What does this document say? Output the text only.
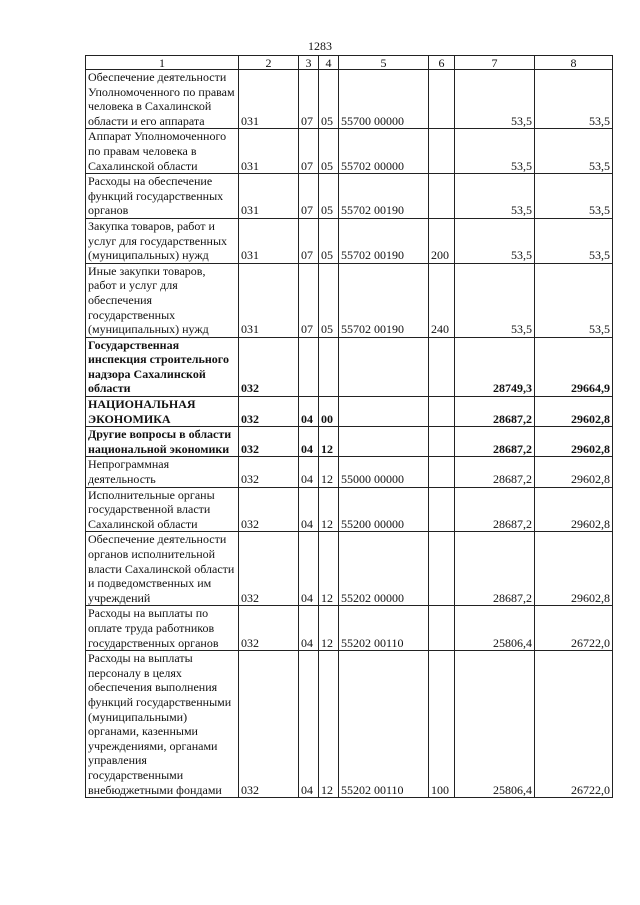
1283
1	2	3	4	5	6	7	8
Обеспечение деятельности Уполномоченного по правам человека в Сахалинской области и его аппарата	031	07	05	55700 00000		53,5	53,5
Аппарат Уполномоченного по правам человека в Сахалинской области	031	07	05	55702 00000		53,5	53,5
Расходы на обеспечение функций государственных органов	031	07	05	55702 00190		53,5	53,5
Закупка товаров, работ и услуг для государственных (муниципальных) нужд	031	07	05	55702 00190	200	53,5	53,5
Иные закупки товаров, работ и услуг для обеспечения государственных (муниципальных) нужд	031	07	05	55702 00190	240	53,5	53,5
Государственная инспекция строительного надзора Сахалинской области	032					28749,3	29664,9
НАЦИОНАЛЬНАЯ ЭКОНОМИКА	032	04	00			28687,2	29602,8
Другие вопросы в области национальной экономики	032	04	12			28687,2	29602,8
Непрограммная деятельность	032	04	12	55000 00000		28687,2	29602,8
Исполнительные органы государственной власти Сахалинской области	032	04	12	55200 00000		28687,2	29602,8
Обеспечение деятельности органов исполнительной власти Сахалинской области и подведомственных им учреждений	032	04	12	55202 00000		28687,2	29602,8
Расходы на выплаты по оплате труда работников государственных органов	032	04	12	55202 00110		25806,4	26722,0
Расходы на выплаты персоналу в целях обеспечения выполнения функций государственными (муниципальными) органами, казенными учреждениями, органами управления государственными внебюджетными фондами	032	04	12	55202 00110	100	25806,4	26722,0
